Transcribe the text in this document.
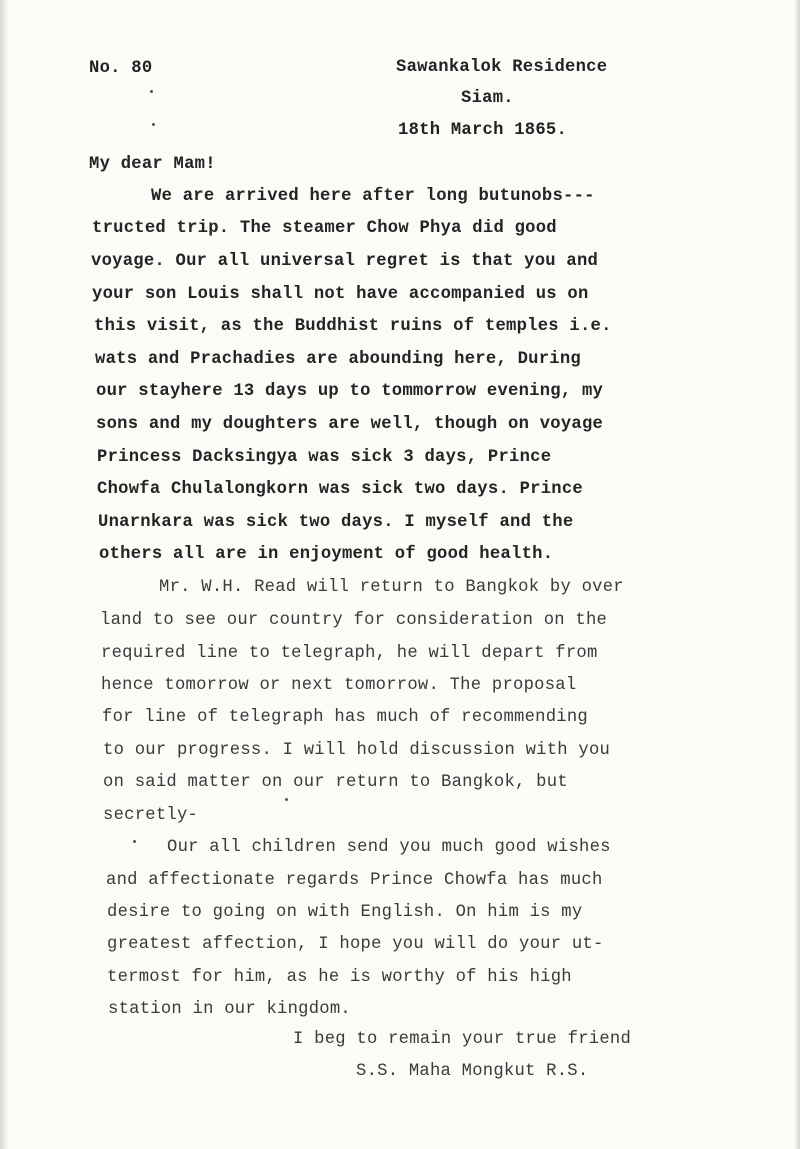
No. 80	Sawankalok Residence
Siam.
18th March 1865.
My dear Mam!
We are arrived here after long butunobs---
tructed trip. The steamer Chow Phya did good
voyage. Our all universal regret is that you and
your son Louis shall not have accompanied us on
this visit, as the Buddhist ruins of temples i.e.
wats and Prachadies are abounding here, During
our stayhere 13 days up to tommorrow evening, my
sons and my doughters are well, though on voyage
Princess Dacksingya was sick 3 days, Prince
Chowfa Chulalongkorn was sick two days. Prince
Unarnkara was sick two days. I myself and the
others all are in enjoyment of good health.
Mr. W.H. Read will return to Bangkok by over
land to see our country for consideration on the
required line to telegraph, he will depart from
hence tomorrow or next tomorrow. The proposal
for line of telegraph has much of recommending
to our progress. I will hold discussion with you
on said matter on our return to Bangkok, but
secretly-
Our all children send you much good wishes
and affectionate regards Prince Chowfa has much
desire to going on with English. On him is my
greatest affection, I hope you will do your ut-
termost for him, as he is worthy of his high
station in our kingdom.
I beg to remain your true friend
S.S. Maha Mongkut R.S.
